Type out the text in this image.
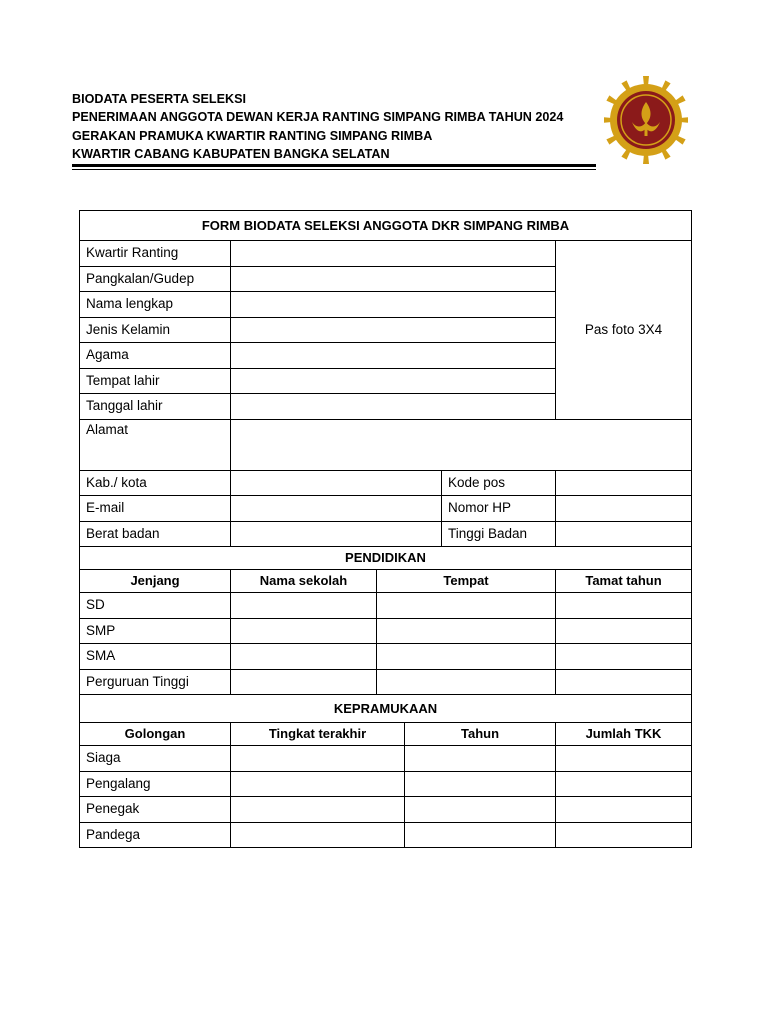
BIODATA PESERTA SELEKSI
PENERIMAAN ANGGOTA DEWAN KERJA RANTING SIMPANG RIMBA TAHUN 2024
GERAKAN PRAMUKA KWARTIR RANTING SIMPANG RIMBA
KWARTIR CABANG KABUPATEN BANGKA SELATAN
FORM BIODATA SELEKSI ANGGOTA DKR SIMPANG RIMBA					
Kwartir Ranting					Pas foto 3X4
Pangkalan/Gudep					
Nama lengkap					
Jenis Kelamin					
Agama					
Tempat lahir					
Tanggal lahir					
Alamat					
Kab./ kota				Kode pos	
E-mail				Nomor HP	
Berat badan				Tinggi Badan	
PENDIDIKAN					
Jenjang	Nama sekolah	Tempat			Tamat tahun
SD					
SMP					
SMA					
Perguruan Tinggi					
KEPRAMUKAAN					
Golongan	Tingkat terakhir		Tahun		Jumlah TKK
Siaga					
Pengalang					
Penegak					
Pandega					
